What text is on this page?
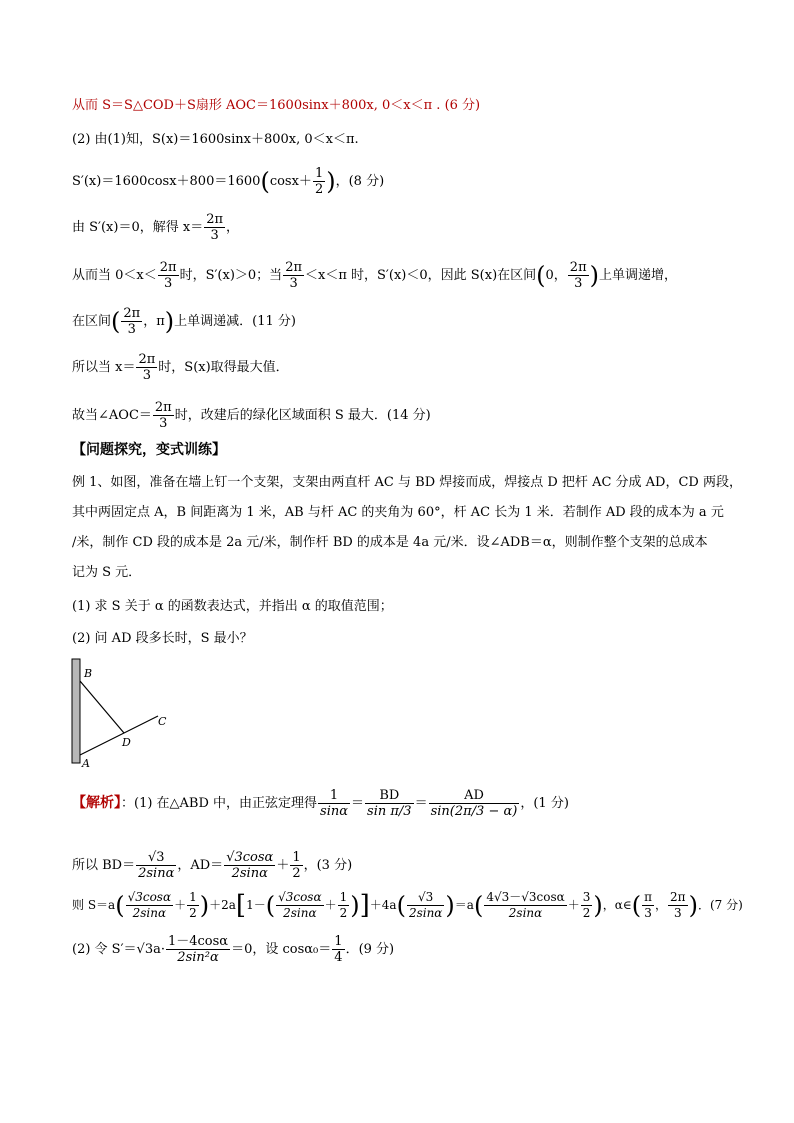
从而 S＝S△COD＋S扇形 AOC＝1600sinx＋800x, 0＜x＜π . (6 分)
(2) 由(1)知，S(x)＝1600sinx＋800x, 0＜x＜π.
$S'(x)=1600\cos x+800=1600(\cos x+ \frac{1}{2}$ )，(8 分)
由 S′(x)＝0，解得 $x= \frac{2\pi}{3}$ ，
从而当 $0<x< \frac{2\pi}{3}$ 时，S′(x)＞0；当 $\frac{2\pi}{3} <x<\pi$ 时，S′(x)＜0，因此 S(x)在区间(0， $\frac{2\pi}{3}$ )上单调递增，
在区间( $\frac{2\pi}{3}$ ，π)上单调递减．(11 分)
所以当 $x= \frac{2\pi}{3}$ 时，S(x)取得最大值．
故当∠AOC＝ $\frac{2\pi}{3}$ 时，改建后的绿化区域面积 S 最大．(14 分)
【问题探究，变式训练】
例 1、如图，准备在墙上钉一个支架，支架由两直杆 AC 与 BD 焊接而成，焊接点 D 把杆 AC 分成 AD，CD 两段，
其中两固定点 A，B 间距离为 1 米，AB 与杆 AC 的夹角为 60°，杆 AC 长为 1 米．若制作 AD 段的成本为 a 元
/米，制作 CD 段的成本是 2a 元/米，制作杆 BD 的成本是 4a 元/米．设∠ADB＝α，则制作整个支架的总成本
记为 S 元．
(1) 求 S 关于 α 的函数表达式，并指出 α 的取值范围；
(2) 问 AD 段多长时，S 最小？
B
C
D
A
【解析】：(1) 在△ABD 中，由正弦定理得 $\frac{1}{\sin\alpha} = \frac{BD}{\text{sin π/3}} = \frac{AD}{\sin(2\pi/3 - \alpha)}$ ，(1 分)
所以 $BD= \frac{√3}{2\sin\alpha}$ ，$AD= \frac{√3\cos\alpha}{2\sin\alpha} + \frac{1}{2}$ ，(3 分)
则 $S=a( \frac{√3\cos\alpha}{2\sin\alpha} + \frac{1}{2} )+2a[1-( \frac{√3\cos\alpha}{2\sin\alpha} + \frac{1}{2} )]+4a( \frac{√3}{2\sin\alpha} )=a( \frac{4√3-√3\cos\alpha}{2\sin\alpha} + \frac{3}{2}$ )，α∈( $\frac{\pi}{3}$ ， $\frac{2\pi}{3}$ )．(7 分)
(2) 令 $S'=√3a\cdot \frac{1-4\cos\alpha}{\text{2sin²α}} =0$，设 $\cos\alpha_0= \frac{1}{4}$ ．(9 分)
